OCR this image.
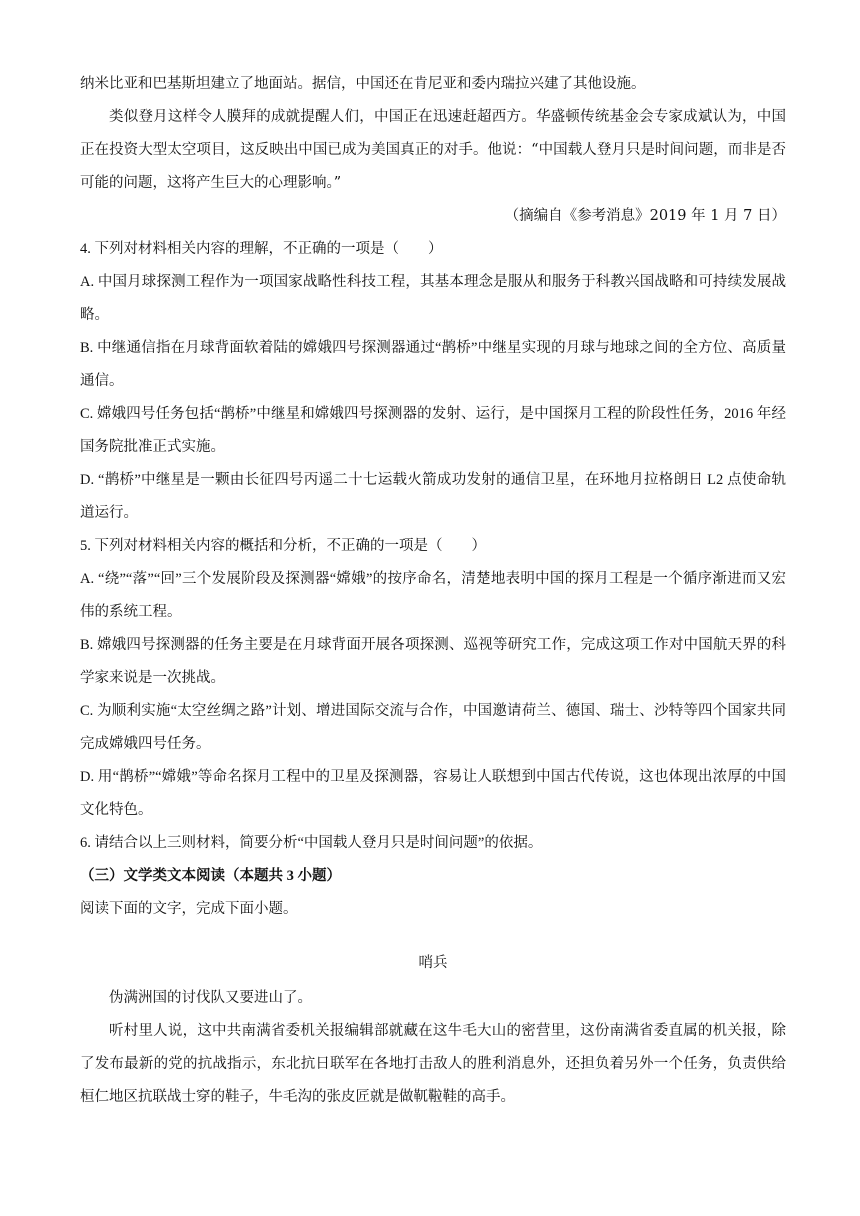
纳米比亚和巴基斯坦建立了地面站。据信，中国还在肯尼亚和委内瑞拉兴建了其他设施。

类似登月这样令人膜拜的成就提醒人们，中国正在迅速赶超西方。华盛顿传统基金会专家成斌认为，中国正在投资大型太空项目，这反映出中国已成为美国真正的对手。他说：“中国载人登月只是时间问题，而非是否可能的问题，这将产生巨大的心理影响。”

（摘编自《参考消息》2019 年 1 月 7 日）

4. 下列对材料相关内容的理解，不正确的一项是（　　）

A. 中国月球探测工程作为一项国家战略性科技工程，其基本理念是服从和服务于科教兴国战略和可持续发展战略。

B. 中继通信指在月球背面软着陆的嫦娥四号探测器通过“鹊桥”中继星实现的月球与地球之间的全方位、高质量通信。

C. 嫦娥四号任务包括“鹊桥”中继星和嫦娥四号探测器的发射、运行，是中国探月工程的阶段性任务，2016 年经国务院批准正式实施。

D. “鹊桥”中继星是一颗由长征四号丙遥二十七运载火箭成功发射的通信卫星，在环地月拉格朗日 L2 点使命轨道运行。

5. 下列对材料相关内容的概括和分析，不正确的一项是（　　）

A. “绕”“落”“回”三个发展阶段及探测器“嫦娥”的按序命名，清楚地表明中国的探月工程是一个循序渐进而又宏伟的系统工程。

B. 嫦娥四号探测器的任务主要是在月球背面开展各项探测、巡视等研究工作，完成这项工作对中国航天界的科学家来说是一次挑战。

C. 为顺利实施“太空丝绸之路”计划、增进国际交流与合作，中国邀请荷兰、德国、瑞士、沙特等四个国家共同完成嫦娥四号任务。

D. 用“鹊桥”“嫦娥”等命名探月工程中的卫星及探测器，容易让人联想到中国古代传说，这也体现出浓厚的中国文化特色。

6. 请结合以上三则材料，简要分析“中国载人登月只是时间问题”的依据。

（三）文学类文本阅读（本题共 3 小题）

阅读下面的文字，完成下面小题。

哨兵

伪满洲国的讨伐队又要进山了。

听村里人说，这中共南满省委机关报编辑部就藏在这牛毛大山的密营里，这份南满省委直属的机关报，除了发布最新的党的抗战指示，东北抗日联军在各地打击敌人的胜利消息外，还担负着另外一个任务，负责供给桓仁地区抗联战士穿的鞋子，牛毛沟的张皮匠就是做靰鞡鞋的高手。
